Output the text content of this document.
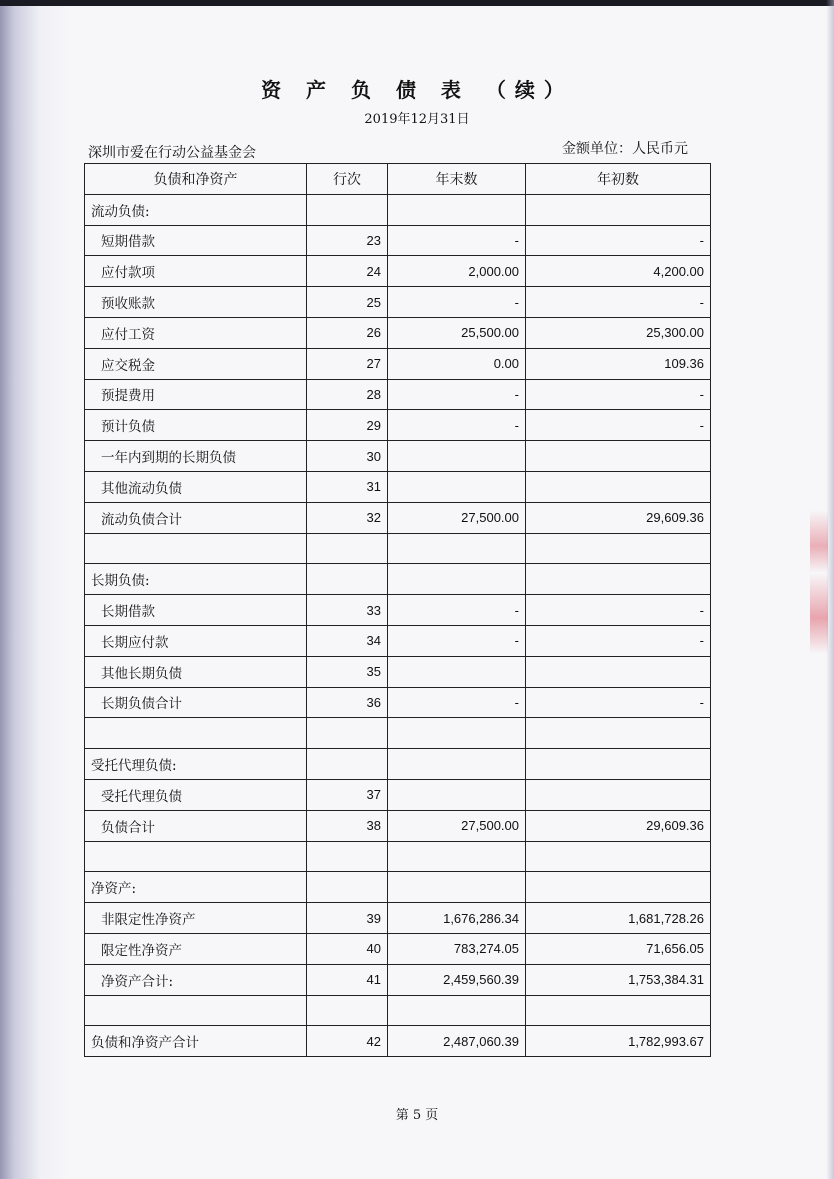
资 产 负 债 表 （续）
2019年12月31日
深圳市爱在行动公益基金会	金额单位：人民币元
负债和净资产	行次	年末数	年初数
流动负债:			
短期借款	23	-	-
应付款项	24	2,000.00	4,200.00
预收账款	25	-	-
应付工资	26	25,500.00	25,300.00
应交税金	27	0.00	109.36
预提费用	28	-	-
预计负债	29	-	-
一年内到期的长期负债	30		
其他流动负债	31		
流动负债合计	32	27,500.00	29,609.36

长期负债:			
长期借款	33	-	-
长期应付款	34	-	-
其他长期负债	35		
长期负债合计	36	-	-

受托代理负债:			
受托代理负债	37		
负债合计	38	27,500.00	29,609.36

净资产:			
非限定性净资产	39	1,676,286.34	1,681,728.26
限定性净资产	40	783,274.05	71,656.05
净资产合计:	41	2,459,560.39	1,753,384.31

负债和净资产合计	42	2,487,060.39	1,782,993.67
第 5 页
